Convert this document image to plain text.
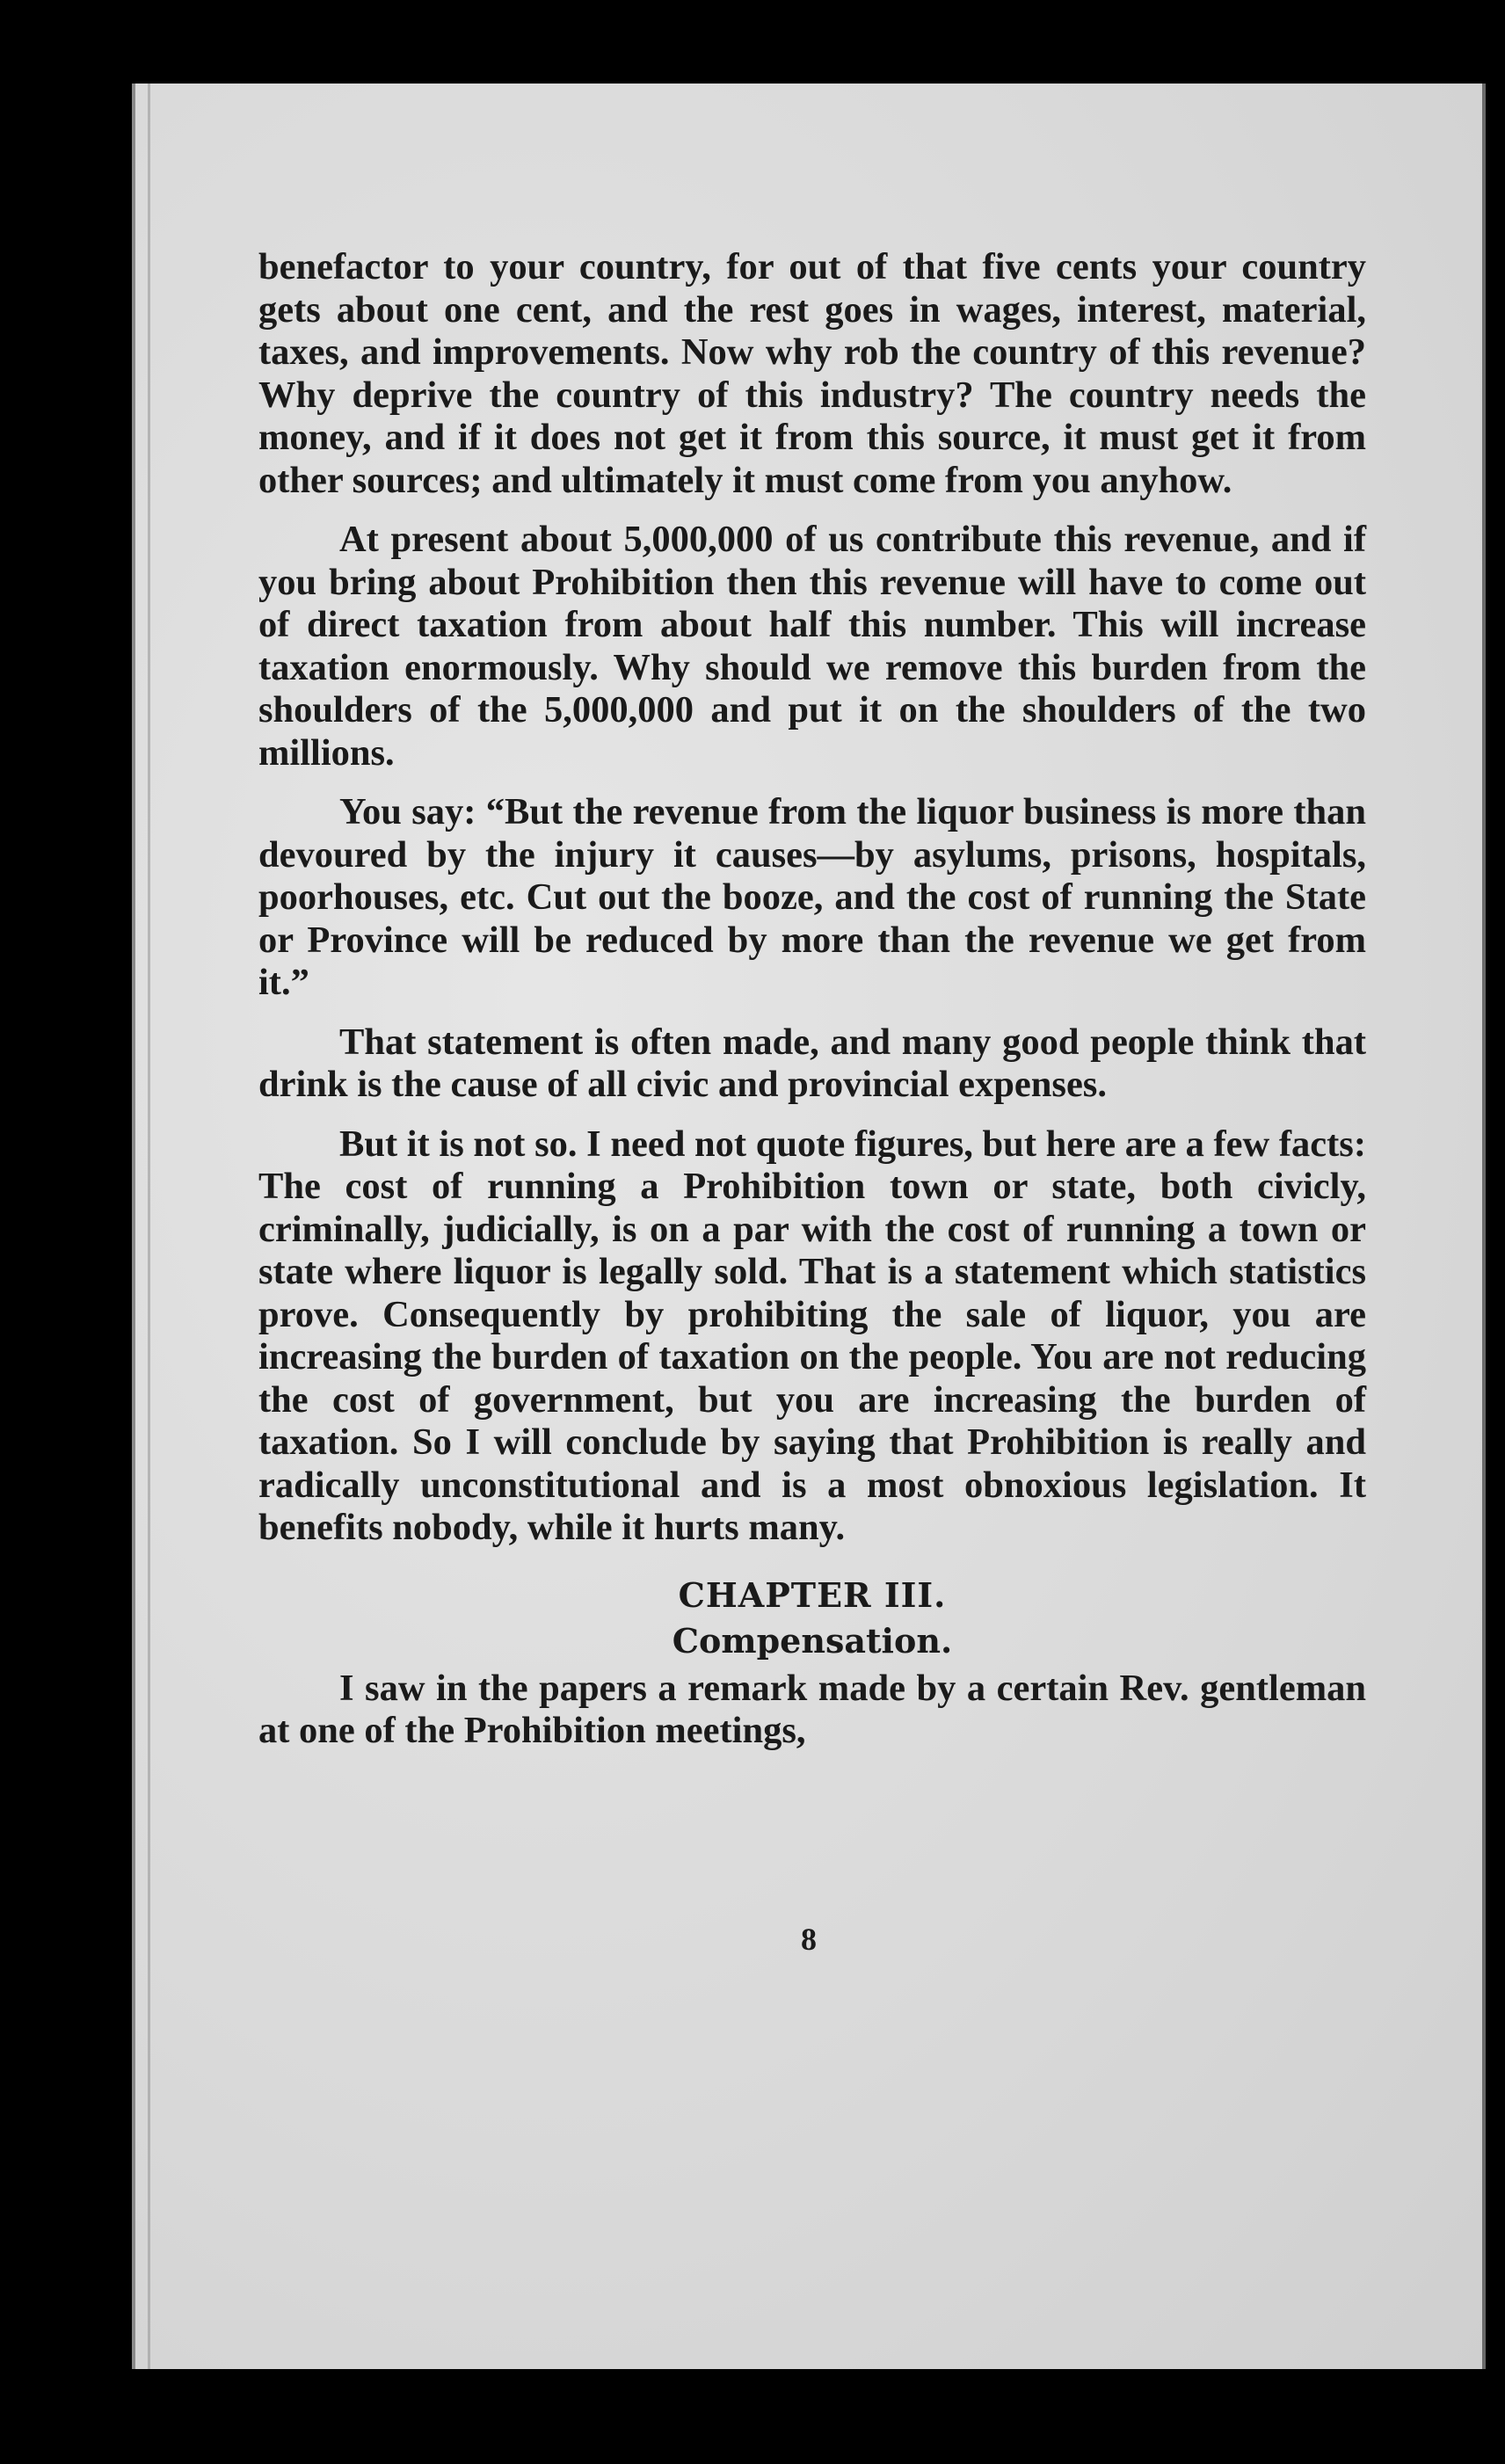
benefactor to your country, for out of that five cents your country gets about one cent, and the rest goes in wages, interest, material, taxes, and improvements. Now why rob the country of this revenue? Why deprive the country of this industry? The country needs the money, and if it does not get it from this source, it must get it from other sources; and ultimately it must come from you anyhow.

At present about 5,000,000 of us contribute this revenue, and if you bring about Prohibition then this revenue will have to come out of direct taxation from about half this number. This will increase taxation enormously. Why should we remove this burden from the shoulders of the 5,000,000 and put it on the shoulders of the two millions.

You say: “But the revenue from the liquor business is more than devoured by the injury it causes—by asylums, prisons, hospitals, poorhouses, etc. Cut out the booze, and the cost of running the State or Province will be reduced by more than the revenue we get from it.”

That statement is often made, and many good people think that drink is the cause of all civic and provincial expenses.

But it is not so. I need not quote figures, but here are a few facts: The cost of running a Prohibition town or state, both civicly, criminally, judicially, is on a par with the cost of running a town or state where liquor is legally sold. That is a statement which statistics prove. Consequently by prohibiting the sale of liquor, you are increasing the burden of taxation on the people. You are not reducing the cost of government, but you are increasing the burden of taxation. So I will conclude by saying that Prohibition is really and radically unconstitutional and is a most obnoxious legislation. It benefits nobody, while it hurts many.

CHAPTER III.
Compensation.

I saw in the papers a remark made by a certain Rev. gentleman at one of the Prohibition meetings,

8
